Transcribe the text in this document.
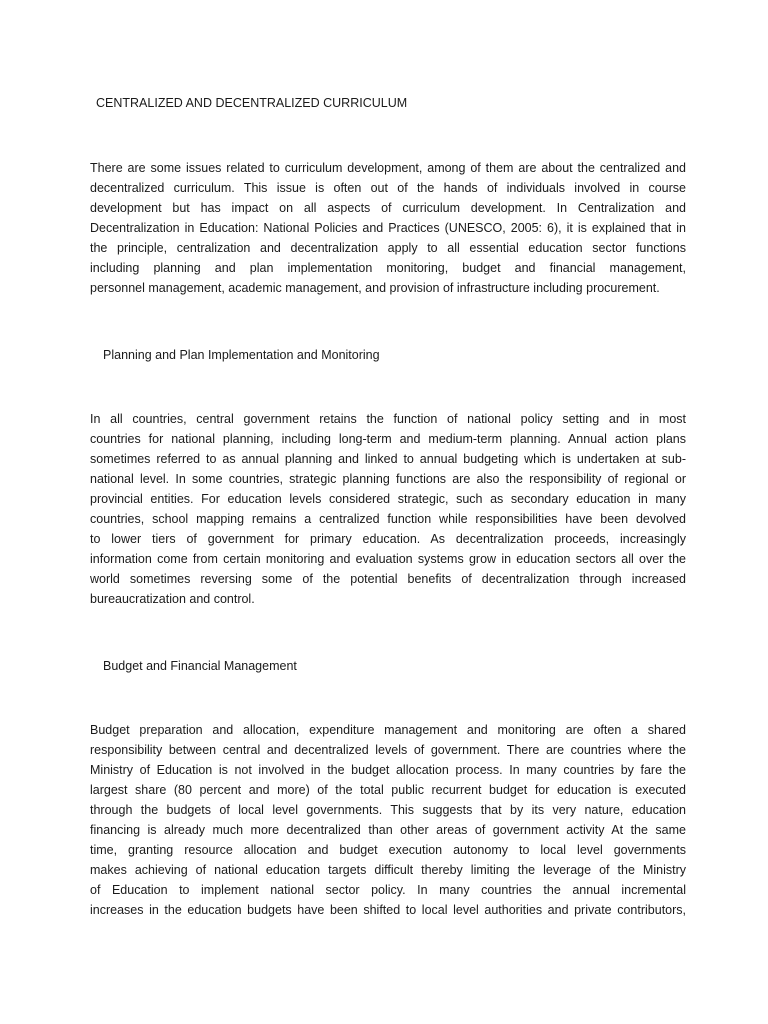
CENTRALIZED AND DECENTRALIZED CURRICULUM
There are some issues related to curriculum development, among of them are about the centralized and
decentralized curriculum. This issue is often out of the hands of individuals involved in course
development but has impact on all aspects of curriculum development. In Centralization and
Decentralization in Education: National Policies and Practices (UNESCO, 2005: 6), it is explained that in
the principle, centralization and decentralization apply to all essential education sector functions
including planning and plan implementation monitoring, budget and financial management,
personnel management, academic management, and provision of infrastructure including procurement.
Planning and Plan Implementation and Monitoring
In all countries, central government retains the function of national policy setting and in most
countries for national planning, including long-term and medium-term planning. Annual action plans
sometimes referred to as annual planning and linked to annual budgeting which is undertaken at sub-
national level. In some countries, strategic planning functions are also the responsibility of regional or
provincial entities. For education levels considered strategic, such as secondary education in many
countries, school mapping remains a centralized function while responsibilities have been devolved
to lower tiers of government for primary education. As decentralization proceeds, increasingly
information come from certain monitoring and evaluation systems grow in education sectors all over the
world sometimes reversing some of the potential benefits of decentralization through increased
bureaucratization and control.
Budget and Financial Management
Budget preparation and allocation, expenditure management and monitoring are often a shared
responsibility between central and decentralized levels of government. There are countries where the
Ministry of Education is not involved in the budget allocation process. In many countries by fare the
largest share (80 percent and more) of the total public recurrent budget for education is executed
through the budgets of local level governments. This suggests that by its very nature, education
financing is already much more decentralized than other areas of government activity At the same
time, granting resource allocation and budget execution autonomy to local level governments
makes achieving of national education targets difficult thereby limiting the leverage of the Ministry
of Education to implement national sector policy. In many countries the annual incremental
increases in the education budgets have been shifted to local level authorities and private contributors,
